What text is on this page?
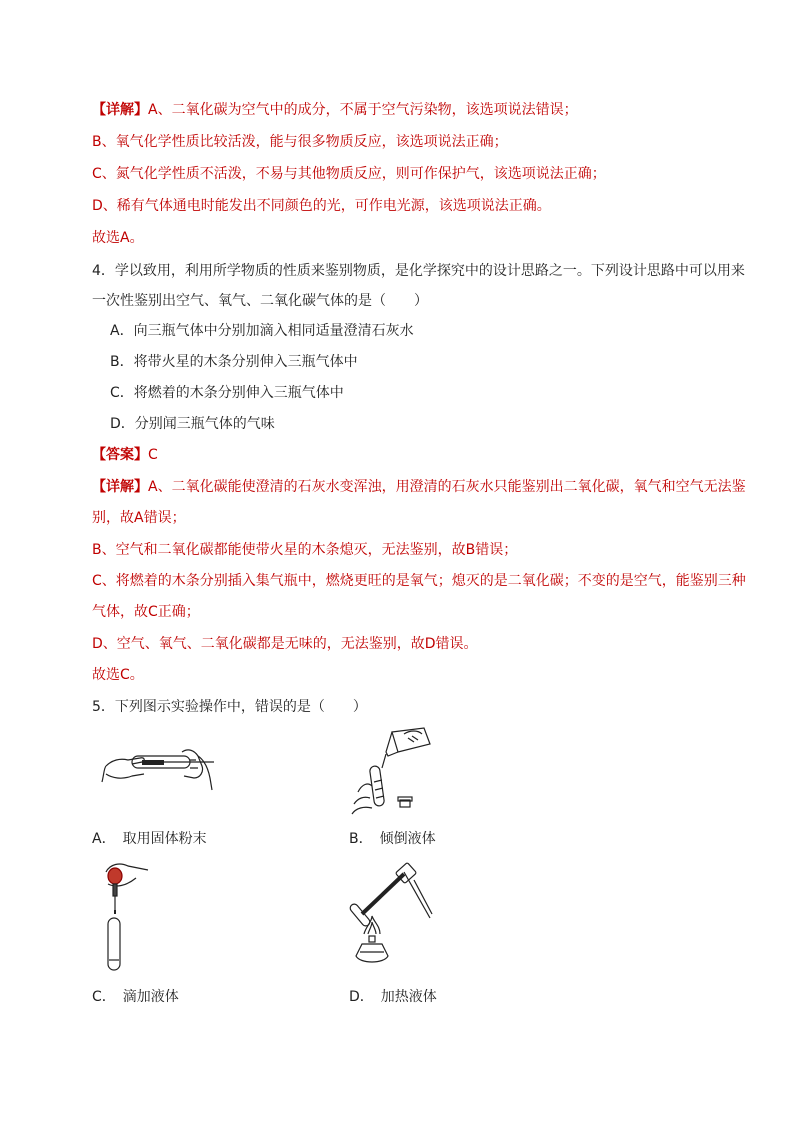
【详解】A、二氧化碳为空气中的成分，不属于空气污染物，该选项说法错误；
B、氧气化学性质比较活泼，能与很多物质反应，该选项说法正确；
C、氮气化学性质不活泼，不易与其他物质反应，则可作保护气，该选项说法正确；
D、稀有气体通电时能发出不同颜色的光，可作电光源，该选项说法正确。
故选A。
4．学以致用，利用所学物质的性质来鉴别物质，是化学探究中的设计思路之一。下列设计思路中可以用来
一次性鉴别出空气、氧气、二氧化碳气体的是（　　）
A．向三瓶气体中分别加滴入相同适量澄清石灰水
B．将带火星的木条分别伸入三瓶气体中
C．将燃着的木条分别伸入三瓶气体中
D．分别闻三瓶气体的气味
【答案】C
【详解】A、二氧化碳能使澄清的石灰水变浑浊，用澄清的石灰水只能鉴别出二氧化碳，氧气和空气无法鉴
别，故A错误；
B、空气和二氧化碳都能使带火星的木条熄灭，无法鉴别，故B错误；
C、将燃着的木条分别插入集气瓶中，燃烧更旺的是氧气；熄灭的是二氧化碳；不变的是空气，能鉴别三种
气体，故C正确；
D、空气、氧气、二氧化碳都是无味的，无法鉴别，故D错误。
故选C。
5．下列图示实验操作中，错误的是（　　）
A．　取用固体粉末	B．　倾倒液体
C．　滴加液体	D．　加热液体
